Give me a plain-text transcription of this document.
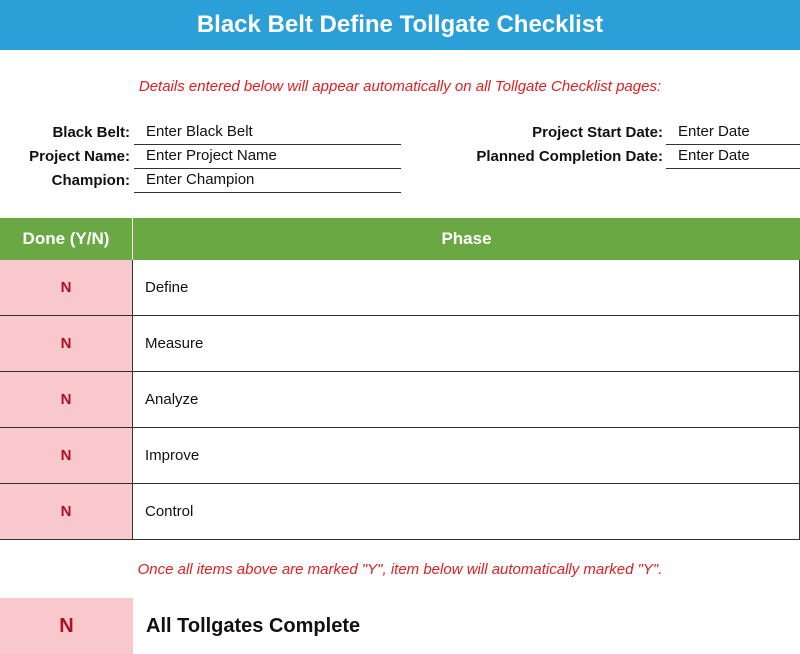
Black Belt Define Tollgate Checklist
Details entered below will appear automatically on all Tollgate Checklist pages:
Black Belt:	Enter Black Belt
Project Name:	Enter Project Name
Champion:	Enter Champion
Project Start Date:	Enter Date
Planned Completion Date:	Enter Date
Done (Y/N)	Phase
N	Define
N	Measure
N	Analyze
N	Improve
N	Control
Once all items above are marked "Y", item below will automatically marked "Y".
N	All Tollgates Complete
